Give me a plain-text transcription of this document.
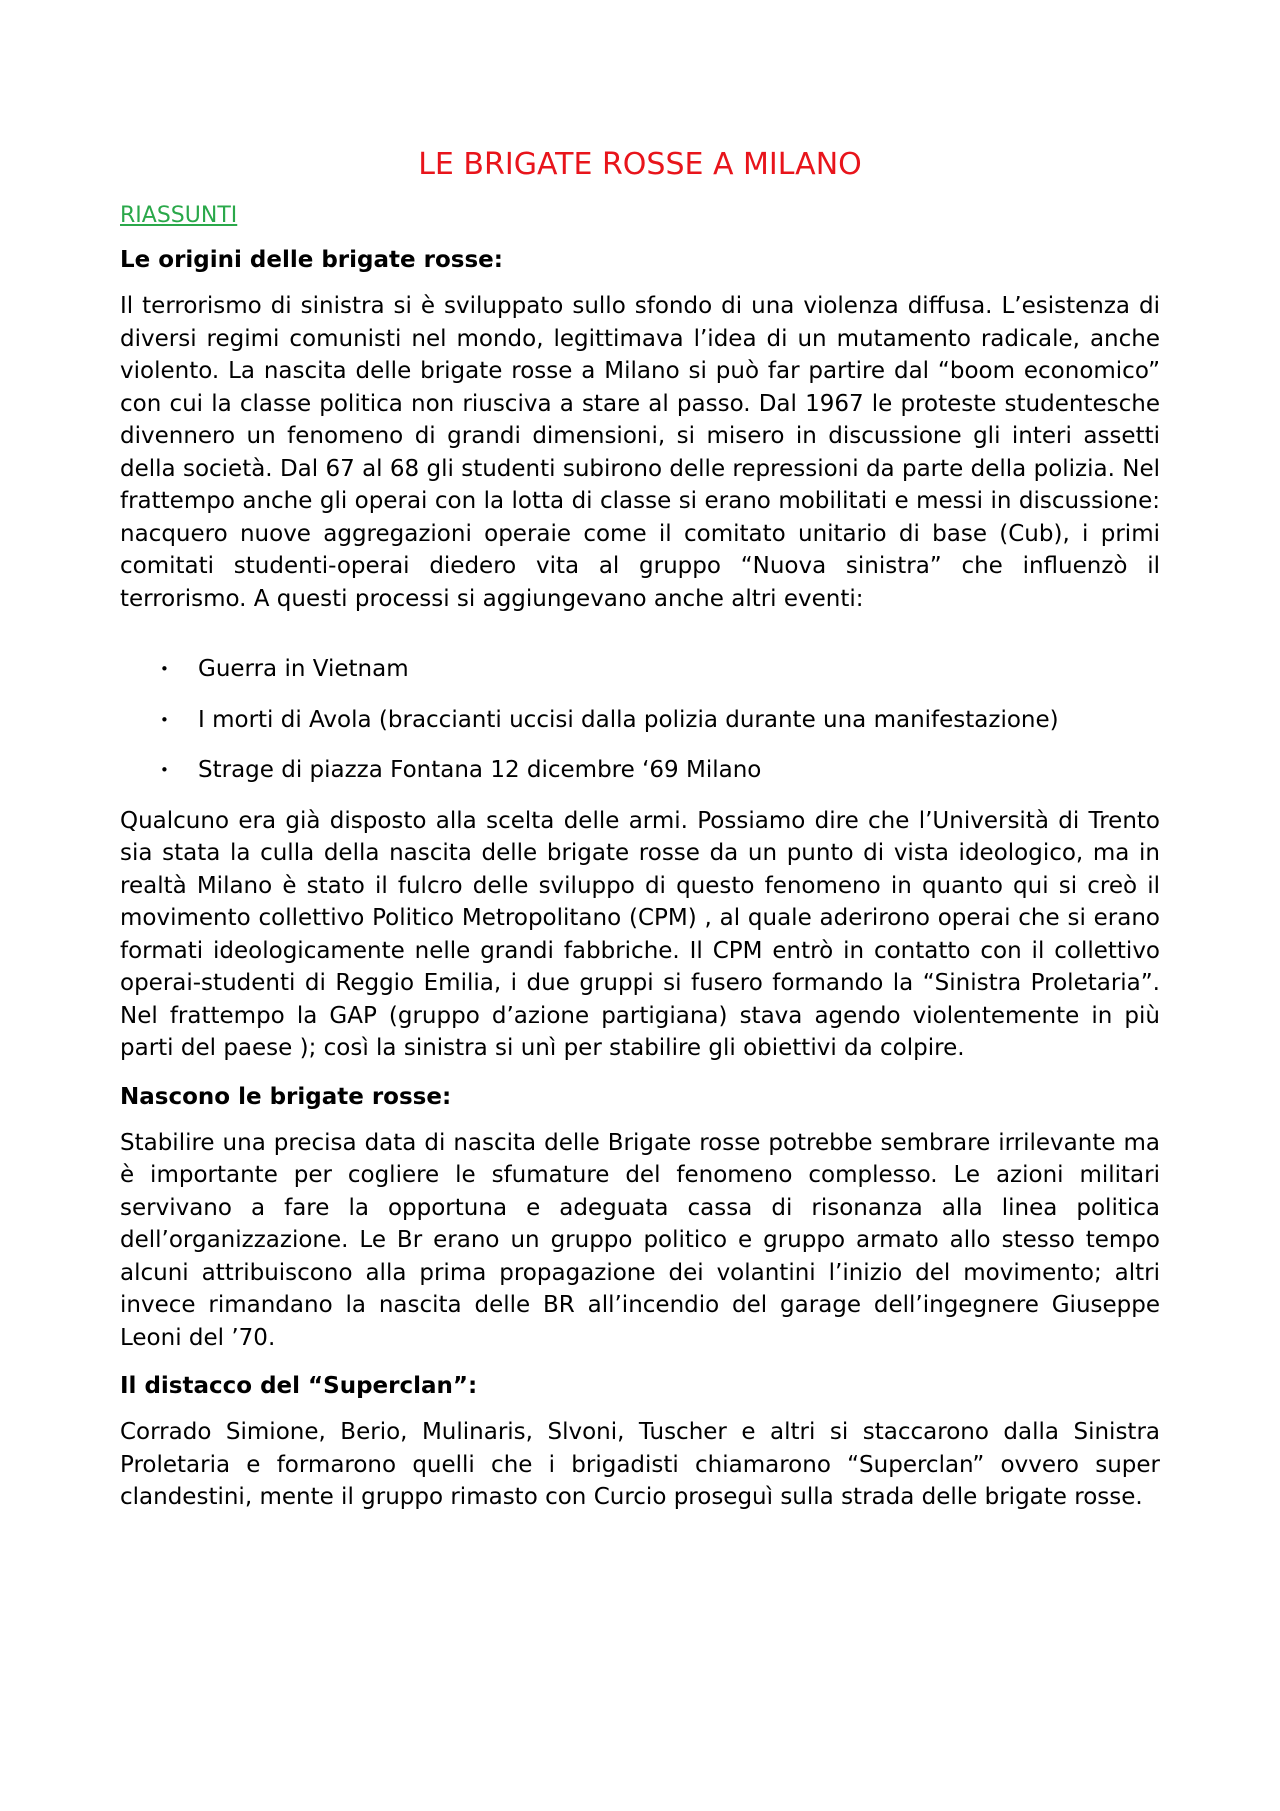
LE BRIGATE ROSSE A MILANO
RIASSUNTI
Le origini delle brigate rosse:

Il terrorismo di sinistra si è sviluppato sullo sfondo di una violenza diffusa. L’esistenza di diversi regimi comunisti nel mondo, legittimava l’idea di un mutamento radicale, anche violento. La nascita delle brigate rosse a Milano si può far partire dal “boom economico” con cui la classe politica non riusciva a stare al passo. Dal 1967 le proteste studentesche divennero un fenomeno di grandi dimensioni, si misero in discussione gli interi assetti della società. Dal 67 al 68 gli studenti subirono delle repressioni da parte della polizia. Nel frattempo anche gli operai con la lotta di classe si erano mobilitati e messi in discussione: nacquero nuove aggregazioni operaie come il comitato unitario di base (Cub), i primi comitati studenti-operai diedero vita al gruppo “Nuova sinistra” che influenzò il terrorismo. A questi processi si aggiungevano anche altri eventi:

• Guerra in Vietnam
• I morti di Avola (braccianti uccisi dalla polizia durante una manifestazione)
• Strage di piazza Fontana 12 dicembre ‘69 Milano

Qualcuno era già disposto alla scelta delle armi. Possiamo dire che l’Università di Trento sia stata la culla della nascita delle brigate rosse da un punto di vista ideologico, ma in realtà Milano è stato il fulcro delle sviluppo di questo fenomeno in quanto qui si creò il movimento collettivo Politico Metropolitano (CPM) , al quale aderirono operai che si erano formati ideologicamente nelle grandi fabbriche. Il CPM entrò in contatto con il collettivo operai-studenti di Reggio Emilia, i due gruppi si fusero formando la “Sinistra Proletaria”. Nel frattempo la GAP (gruppo d’azione partigiana) stava agendo violentemente in più parti del paese ); così la sinistra si unì per stabilire gli obiettivi da colpire.

Nascono le brigate rosse:

Stabilire una precisa data di nascita delle Brigate rosse potrebbe sembrare irrilevante ma è importante per cogliere le sfumature del fenomeno complesso. Le azioni militari servivano a fare la opportuna e adeguata cassa di risonanza alla linea politica dell’organizzazione. Le Br erano un gruppo politico e gruppo armato allo stesso tempo alcuni attribuiscono alla prima propagazione dei volantini l’inizio del movimento; altri invece rimandano la nascita delle BR all’incendio del garage dell’ingegnere Giuseppe Leoni del ’70.

Il distacco del “Superclan”:

Corrado Simione, Berio, Mulinaris, Slvoni, Tuscher e altri si staccarono dalla Sinistra Proletaria e formarono quelli che i brigadisti chiamarono “Superclan” ovvero super clandestini, mente il gruppo rimasto con Curcio proseguì sulla strada delle brigate rosse.
